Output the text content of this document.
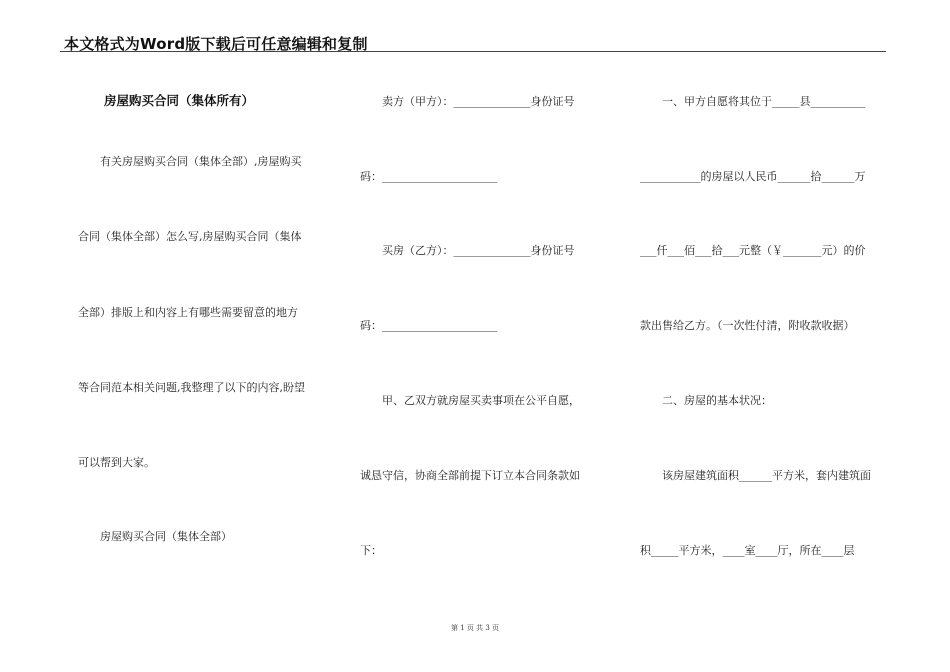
本文格式为Word版下载后可任意编辑和复制
房屋购买合同（集体所有）
有关房屋购买合同（集体全部）,房屋购买
合同（集体全部）怎么写,房屋购买合同（集体
全部）排版上和内容上有哪些需要留意的地方
等合同范本相关问题,我整理了以下的内容,盼望
可以帮到大家。
房屋购买合同（集体全部）
卖方（甲方）：______________身份证号
码：_____________________
买房（乙方）：______________身份证号
码：_____________________
甲、乙双方就房屋买卖事项在公平自愿，
诚恳守信，协商全部前提下订立本合同条款如
下：
一、甲方自愿将其位于_____县__________
___________的房屋以人民币______拾______万
___仟___佰___拾___元整（￥_______元）的价
款出售给乙方。（一次性付清，附收款收据）
二、房屋的基本状况：
该房屋建筑面积______平方米，套内建筑面
积_____平方米，____室____厅，所在____层
第 1 页 共 3 页
